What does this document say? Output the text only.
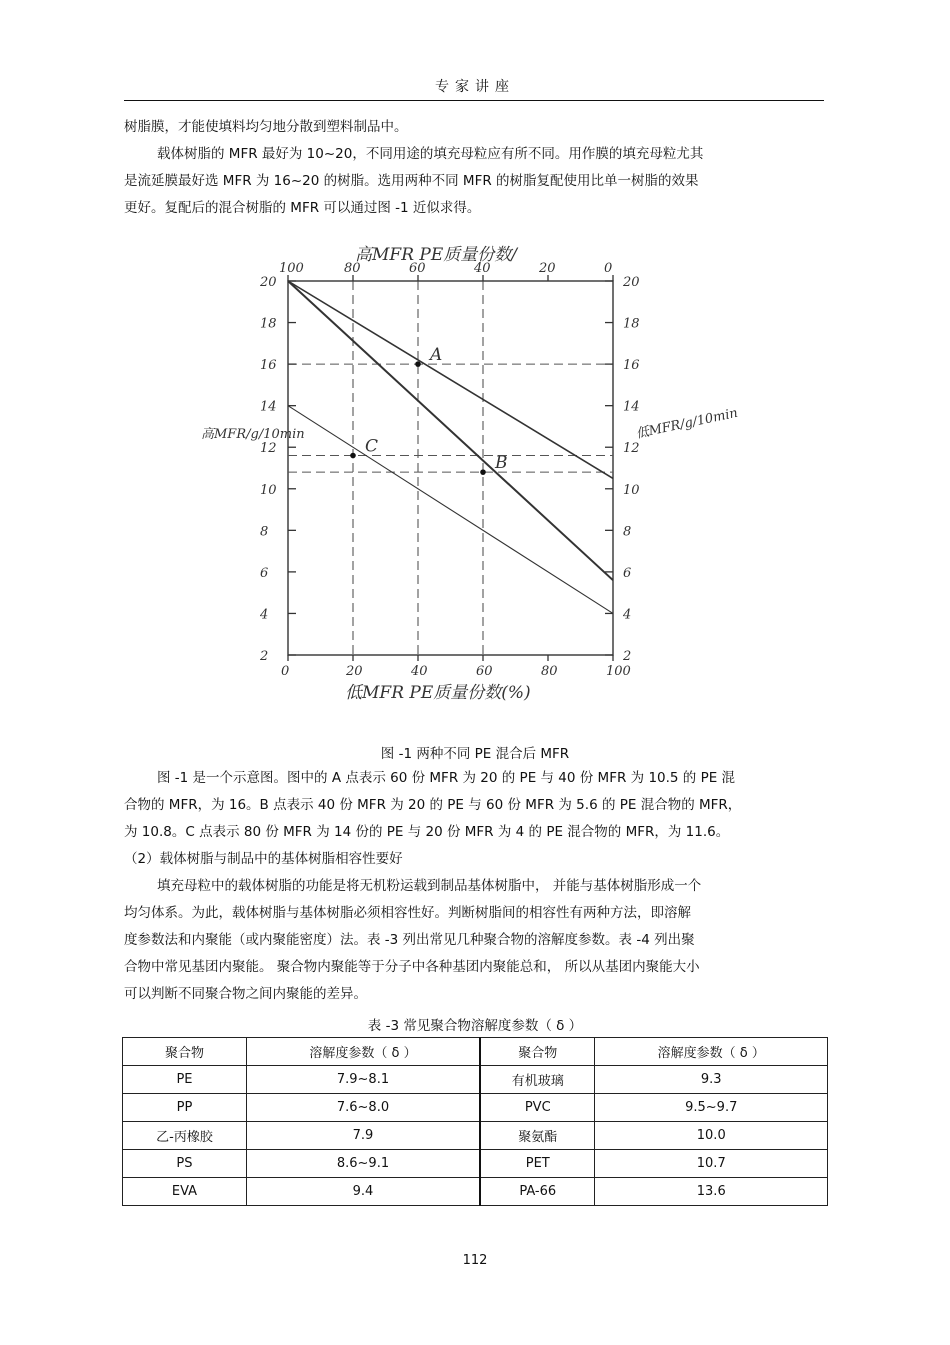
专家讲座
树脂膜，才能使填料均匀地分散到塑料制品中。
载体树脂的 MFR 最好为 10~20，不同用途的填充母粒应有所不同。用作膜的填充母粒尤其
是流延膜最好选 MFR 为 16~20 的树脂。选用两种不同 MFR 的树脂复配使用比单一树脂的效果
更好。复配后的混合树脂的 MFR 可以通过图 -1 近似求得。
A
B
C
100	80	60	40	20	0
0	20	40	60	80	100
20
18
16
14
12
10
8
6
4
2
20
18
16
14
12
10
8
6
4
2
高MFR PE质量份数/
低MFR PE质量份数(%)
高MFR/g/10min	低MFR/g/10min
图 -1 两种不同 PE 混合后 MFR
图 -1 是一个示意图。图中的 A 点表示 60 份 MFR 为 20 的 PE 与 40 份 MFR 为 10.5 的 PE 混
合物的 MFR，为 16。B 点表示 40 份 MFR 为 20 的 PE 与 60 份 MFR 为 5.6 的 PE 混合物的 MFR，
为 10.8。C 点表示 80 份 MFR 为 14 份的 PE 与 20 份 MFR 为 4 的 PE 混合物的 MFR，为 11.6。
（2）载体树脂与制品中的基体树脂相容性要好
填充母粒中的载体树脂的功能是将无机粉运载到制品基体树脂中， 并能与基体树脂形成一个
均匀体系。为此，载体树脂与基体树脂必须相容性好。判断树脂间的相容性有两种方法，即溶解
度参数法和内聚能（或内聚能密度）法。表 -3 列出常见几种聚合物的溶解度参数。表 -4 列出聚
合物中常见基团内聚能。 聚合物内聚能等于分子中各种基团内聚能总和， 所以从基团内聚能大小
可以判断不同聚合物之间内聚能的差异。
表 -3 常见聚合物溶解度参数（ δ ）
聚合物	溶解度参数（ δ ）	聚合物	溶解度参数（ δ ）
PE	7.9~8.1	有机玻璃	9.3
PP	7.6~8.0	PVC	9.5~9.7
乙-丙橡胶	7.9	聚氨酯	10.0
PS	8.6~9.1	PET	10.7
EVA	9.4	PA-66	13.6
112
